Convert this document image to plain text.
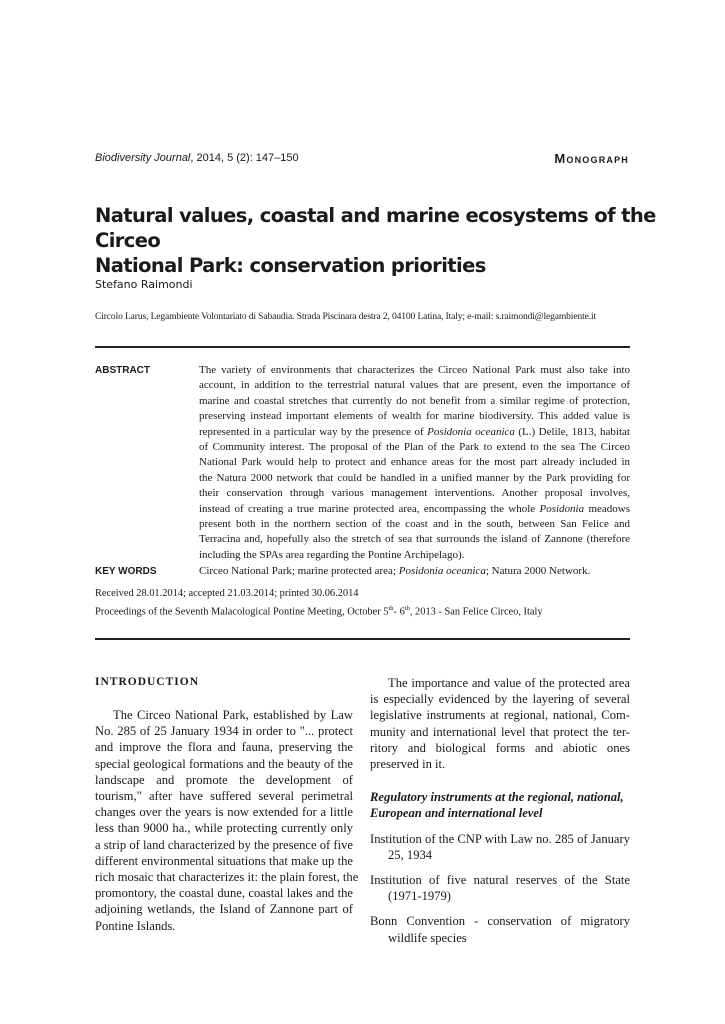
Biodiversity Journal, 2014, 5 (2): 147–150	Monograph
Natural values, coastal and marine ecosystems of the Circeo
National Park: conservation priorities
Stefano Raimondi
Circolo Larus, Legambiente Volontariato di Sabaudia. Strada Piscinara destra 2, 04100 Latina, Italy; e-mail: s.raimondi@legambiente.it
ABSTRACT	The variety of environments that characterizes the Circeo National Park must also take into
account, in addition to the terrestrial natural values that are present, even the importance of
marine and coastal stretches that currently do not benefit from a similar regime of protection,
preserving instead important elements of wealth for marine biodiversity. This added value is
represented in a particular way by the presence of Posidonia oceanica (L.) Delile, 1813, habitat
of Community interest. The proposal of the Plan of the Park to extend to the sea The Circeo
National Park would help to protect and enhance areas for the most part already included in
the Natura 2000 network that could be handled in a unified manner by the Park providing for
their conservation through various management interventions. Another proposal involves,
instead of creating a true marine protected area, encompassing the whole Posidonia meadows
present both in the northern section of the coast and in the south, between San Felice and
Terracina and, hopefully also the stretch of sea that surrounds the island of Zannone (therefore
including the SPAs area regarding the Pontine Archipelago).
KEY WORDS	Circeo National Park; marine protected area; Posidonia oceanica; Natura 2000 Network.
Received 28.01.2014; accepted 21.03.2014; printed 30.06.2014
Proceedings of the Seventh Malacological Pontine Meeting, October 5th- 6th, 2013 - San Felice Circeo, Italy
INTRODUCTION
The Circeo National Park, established by Law
No. 285 of 25 January 1934 in order to "... protect
and improve the flora and fauna, preserving the
special geological formations and the beauty of the
landscape and promote the development of
tourism," after have suffered several perimetral
changes over the years is now extended for a little
less than 9000 ha., while protecting currently only
a strip of land characterized by the presence of five
different environmental situations that make up the
rich mosaic that characterizes it: the plain forest, the
promontory, the coastal dune, coastal lakes and the
adjoining wetlands, the Island of Zannone part of
Pontine Islands.
The importance and value of the protected area
is especially evidenced by the layering of several
legislative instruments at regional, national, Com-
munity and international level that protect the ter-
ritory and biological forms and abiotic ones
preserved in it.
Regulatory instruments at the regional, national,
European and international level
Institution of the CNP with Law no. 285 of January
25, 1934
Institution of five natural reserves of the State
(1971-1979)
Bonn Convention - conservation of migratory
wildlife species
